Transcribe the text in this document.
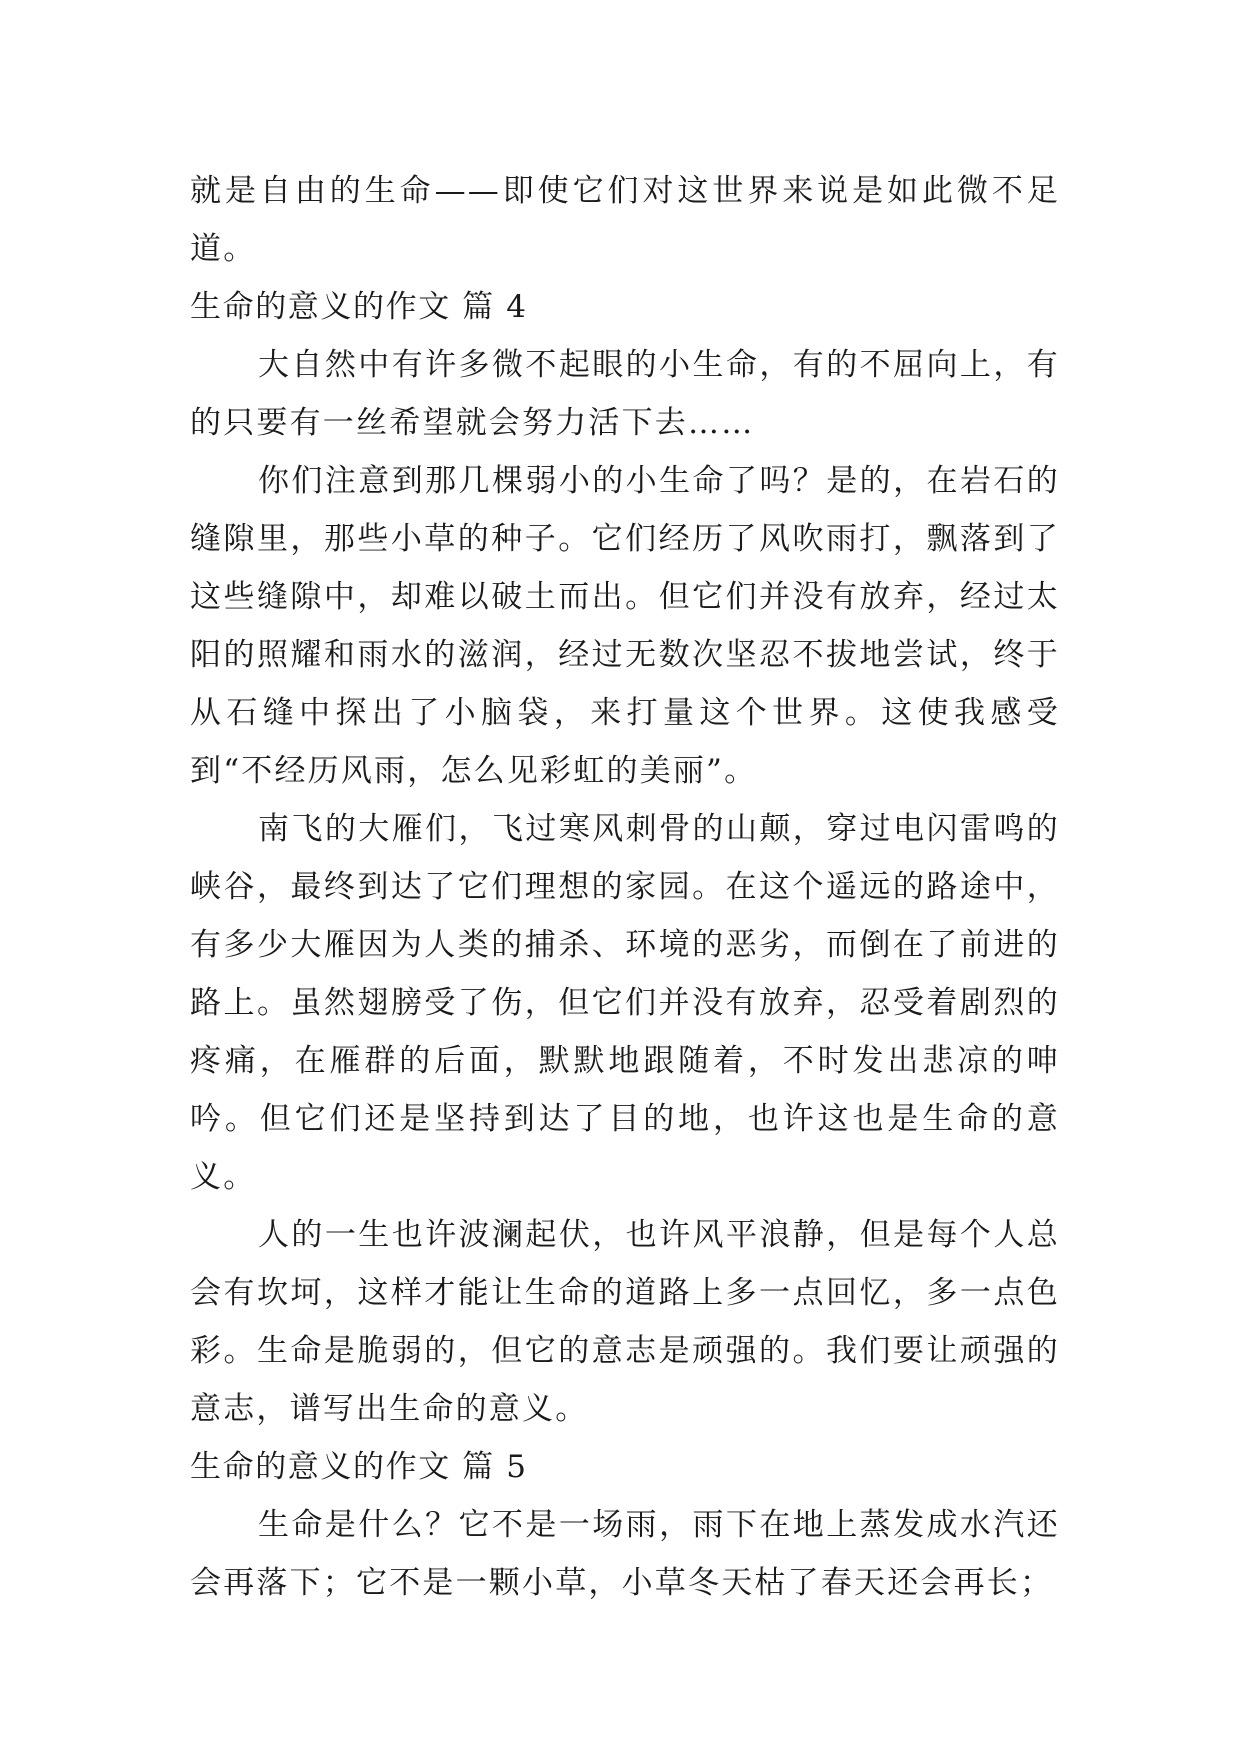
就是自由的生命——即使它们对这世界来说是如此微不足道。

生命的意义的作文 篇 4

大自然中有许多微不起眼的小生命，有的不屈向上，有的只要有一丝希望就会努力活下去……

你们注意到那几棵弱小的小生命了吗？是的，在岩石的缝隙里，那些小草的种子。它们经历了风吹雨打，飘落到了这些缝隙中，却难以破土而出。但它们并没有放弃，经过太阳的照耀和雨水的滋润，经过无数次坚忍不拔地尝试，终于从石缝中探出了小脑袋，来打量这个世界。这使我感受到“不经历风雨，怎么见彩虹的美丽”。

南飞的大雁们，飞过寒风刺骨的山颠，穿过电闪雷鸣的峡谷，最终到达了它们理想的家园。在这个遥远的路途中，有多少大雁因为人类的捕杀、环境的恶劣，而倒在了前进的路上。虽然翅膀受了伤，但它们并没有放弃，忍受着剧烈的疼痛，在雁群的后面，默默地跟随着，不时发出悲凉的呻吟。但它们还是坚持到达了目的地，也许这也是生命的意义。

人的一生也许波澜起伏，也许风平浪静，但是每个人总会有坎坷，这样才能让生命的道路上多一点回忆，多一点色彩。生命是脆弱的，但它的意志是顽强的。我们要让顽强的意志，谱写出生命的意义。

生命的意义的作文 篇 5

生命是什么？它不是一场雨，雨下在地上蒸发成水汽还会再落下；它不是一颗小草，小草冬天枯了春天还会再长；
